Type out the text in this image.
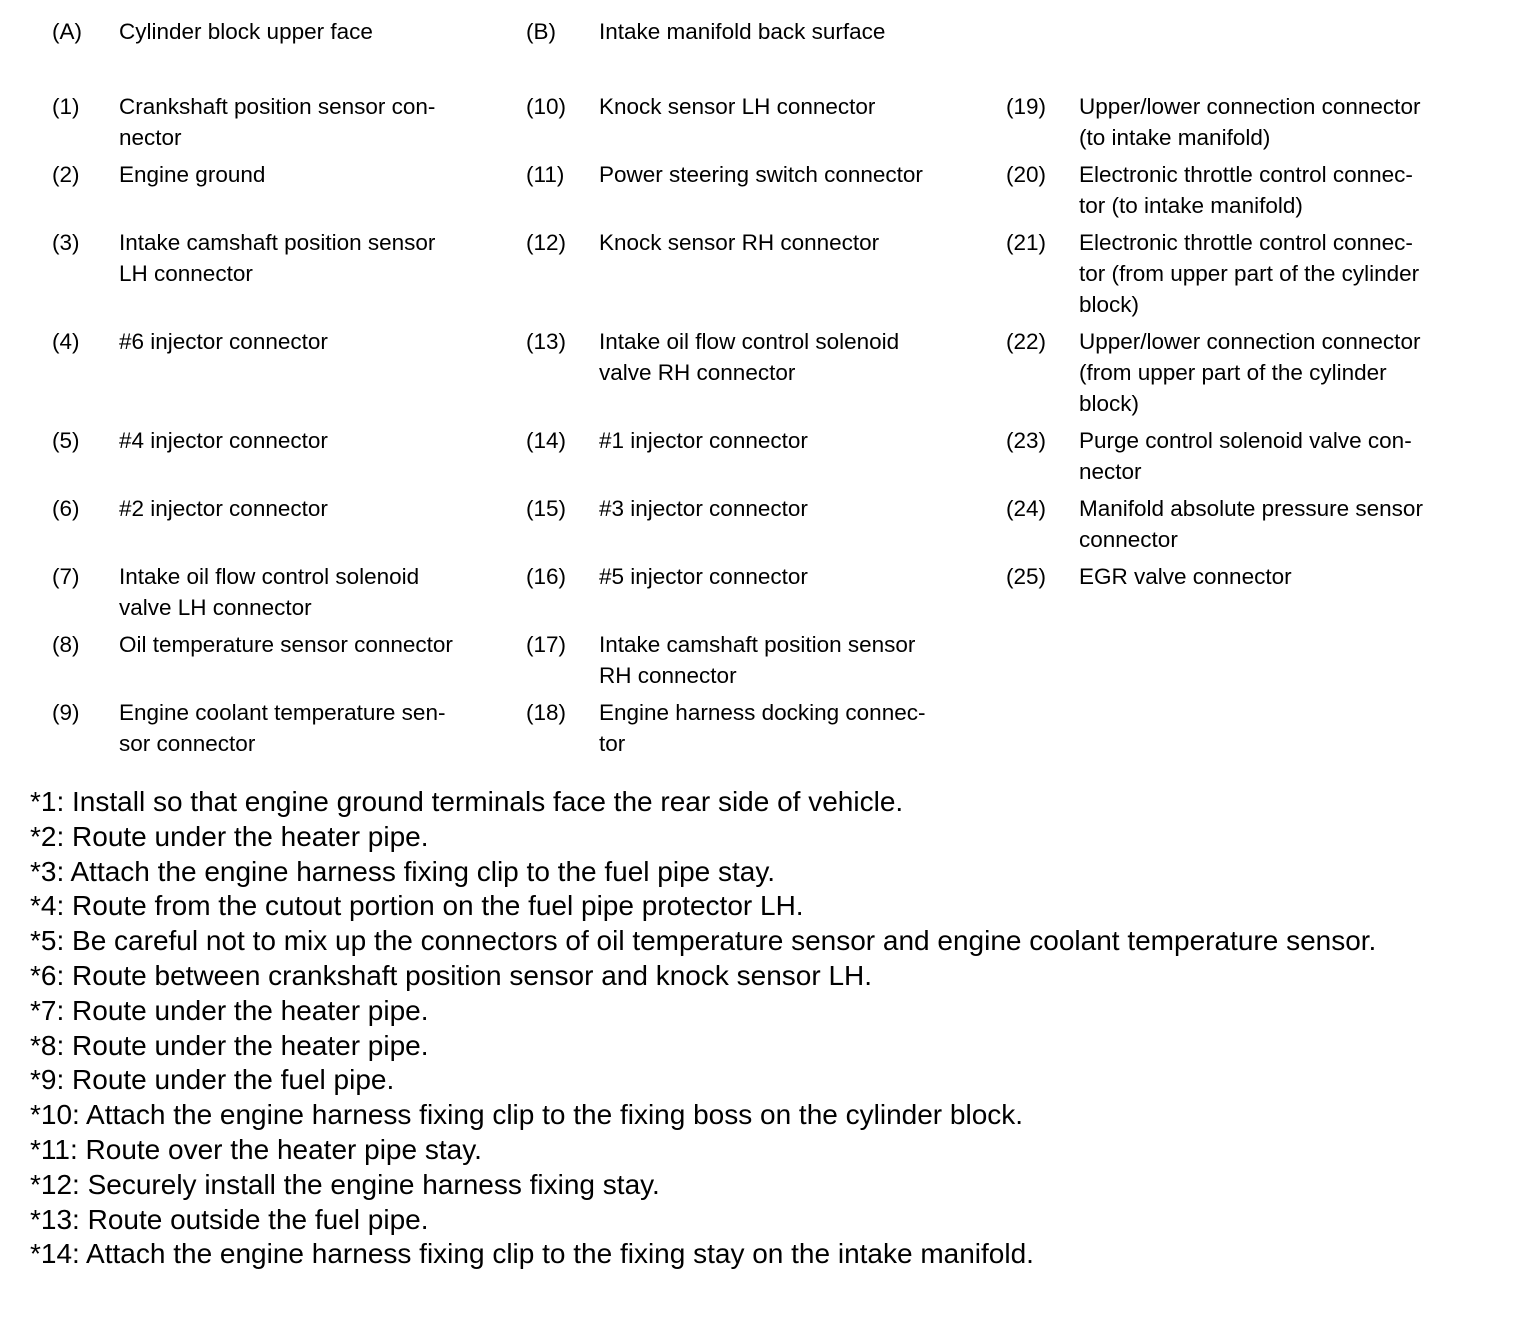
(A) Cylinder block upper face	(B) Intake manifold back surface
(1) Crankshaft position sensor con-
nector
(2) Engine ground
(3) Intake camshaft position sensor
LH connector
(4) #6 injector connector
(5) #4 injector connector
(6) #2 injector connector
(7) Intake oil flow control solenoid
valve LH connector
(8) Oil temperature sensor connector
(9) Engine coolant temperature sen-
sor connector
(10) Knock sensor LH connector
(11) Power steering switch connector
(12) Knock sensor RH connector
(13) Intake oil flow control solenoid
valve RH connector
(14) #1 injector connector
(15) #3 injector connector
(16) #5 injector connector
(17) Intake camshaft position sensor
RH connector
(18) Engine harness docking connec-
tor
(19) Upper/lower connection connector
(to intake manifold)
(20) Electronic throttle control connec-
tor (to intake manifold)
(21) Electronic throttle control connec-
tor (from upper part of the cylinder
block)
(22) Upper/lower connection connector
(from upper part of the cylinder
block)
(23) Purge control solenoid valve con-
nector
(24) Manifold absolute pressure sensor
connector
(25) EGR valve connector
*1: Install so that engine ground terminals face the rear side of vehicle.
*2: Route under the heater pipe.
*3: Attach the engine harness fixing clip to the fuel pipe stay.
*4: Route from the cutout portion on the fuel pipe protector LH.
*5: Be careful not to mix up the connectors of oil temperature sensor and engine coolant temperature sensor.
*6: Route between crankshaft position sensor and knock sensor LH.
*7: Route under the heater pipe.
*8: Route under the heater pipe.
*9: Route under the fuel pipe.
*10: Attach the engine harness fixing clip to the fixing boss on the cylinder block.
*11: Route over the heater pipe stay.
*12: Securely install the engine harness fixing stay.
*13: Route outside the fuel pipe.
*14: Attach the engine harness fixing clip to the fixing stay on the intake manifold.
